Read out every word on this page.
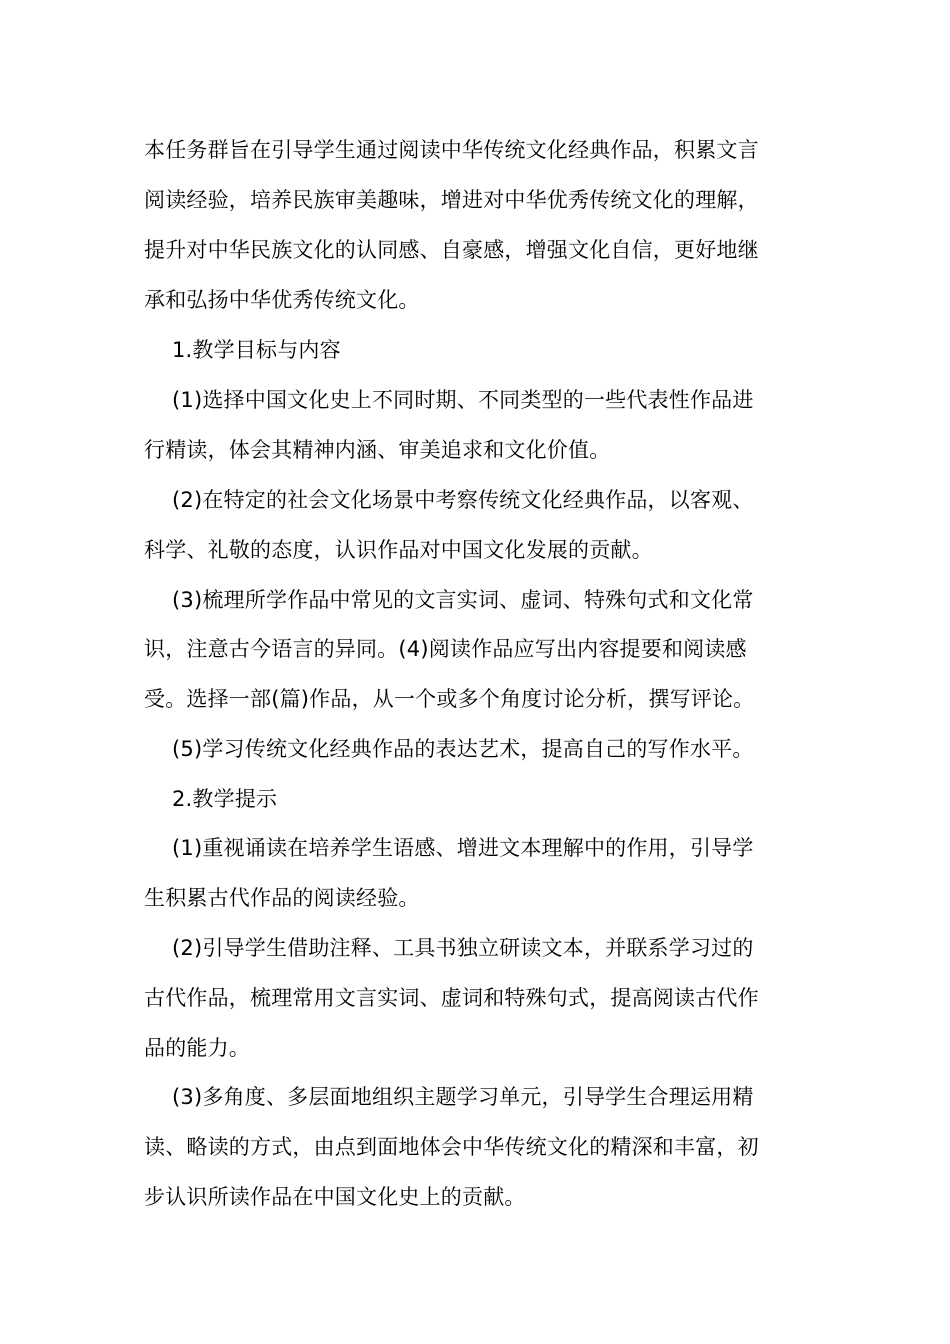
本任务群旨在引导学生通过阅读中华传统文化经典作品，积累文言
阅读经验，培养民族审美趣味，增进对中华优秀传统文化的理解，
提升对中华民族文化的认同感、自豪感，增强文化自信，更好地继
承和弘扬中华优秀传统文化。
1.教学目标与内容
(1)选择中国文化史上不同时期、不同类型的一些代表性作品进
行精读，体会其精神内涵、审美追求和文化价值。
(2)在特定的社会文化场景中考察传统文化经典作品，以客观、
科学、礼敬的态度，认识作品对中国文化发展的贡献。
(3)梳理所学作品中常见的文言实词、虚词、特殊句式和文化常
识，注意古今语言的异同。(4)阅读作品应写出内容提要和阅读感
受。选择一部(篇)作品，从一个或多个角度讨论分析，撰写评论。
(5)学习传统文化经典作品的表达艺术，提高自己的写作水平。
2.教学提示
(1)重视诵读在培养学生语感、增进文本理解中的作用，引导学
生积累古代作品的阅读经验。
(2)引导学生借助注释、工具书独立研读文本，并联系学习过的
古代作品，梳理常用文言实词、虚词和特殊句式，提高阅读古代作
品的能力。
(3)多角度、多层面地组织主题学习单元，引导学生合理运用精
读、略读的方式，由点到面地体会中华传统文化的精深和丰富，初
步认识所读作品在中国文化史上的贡献。
